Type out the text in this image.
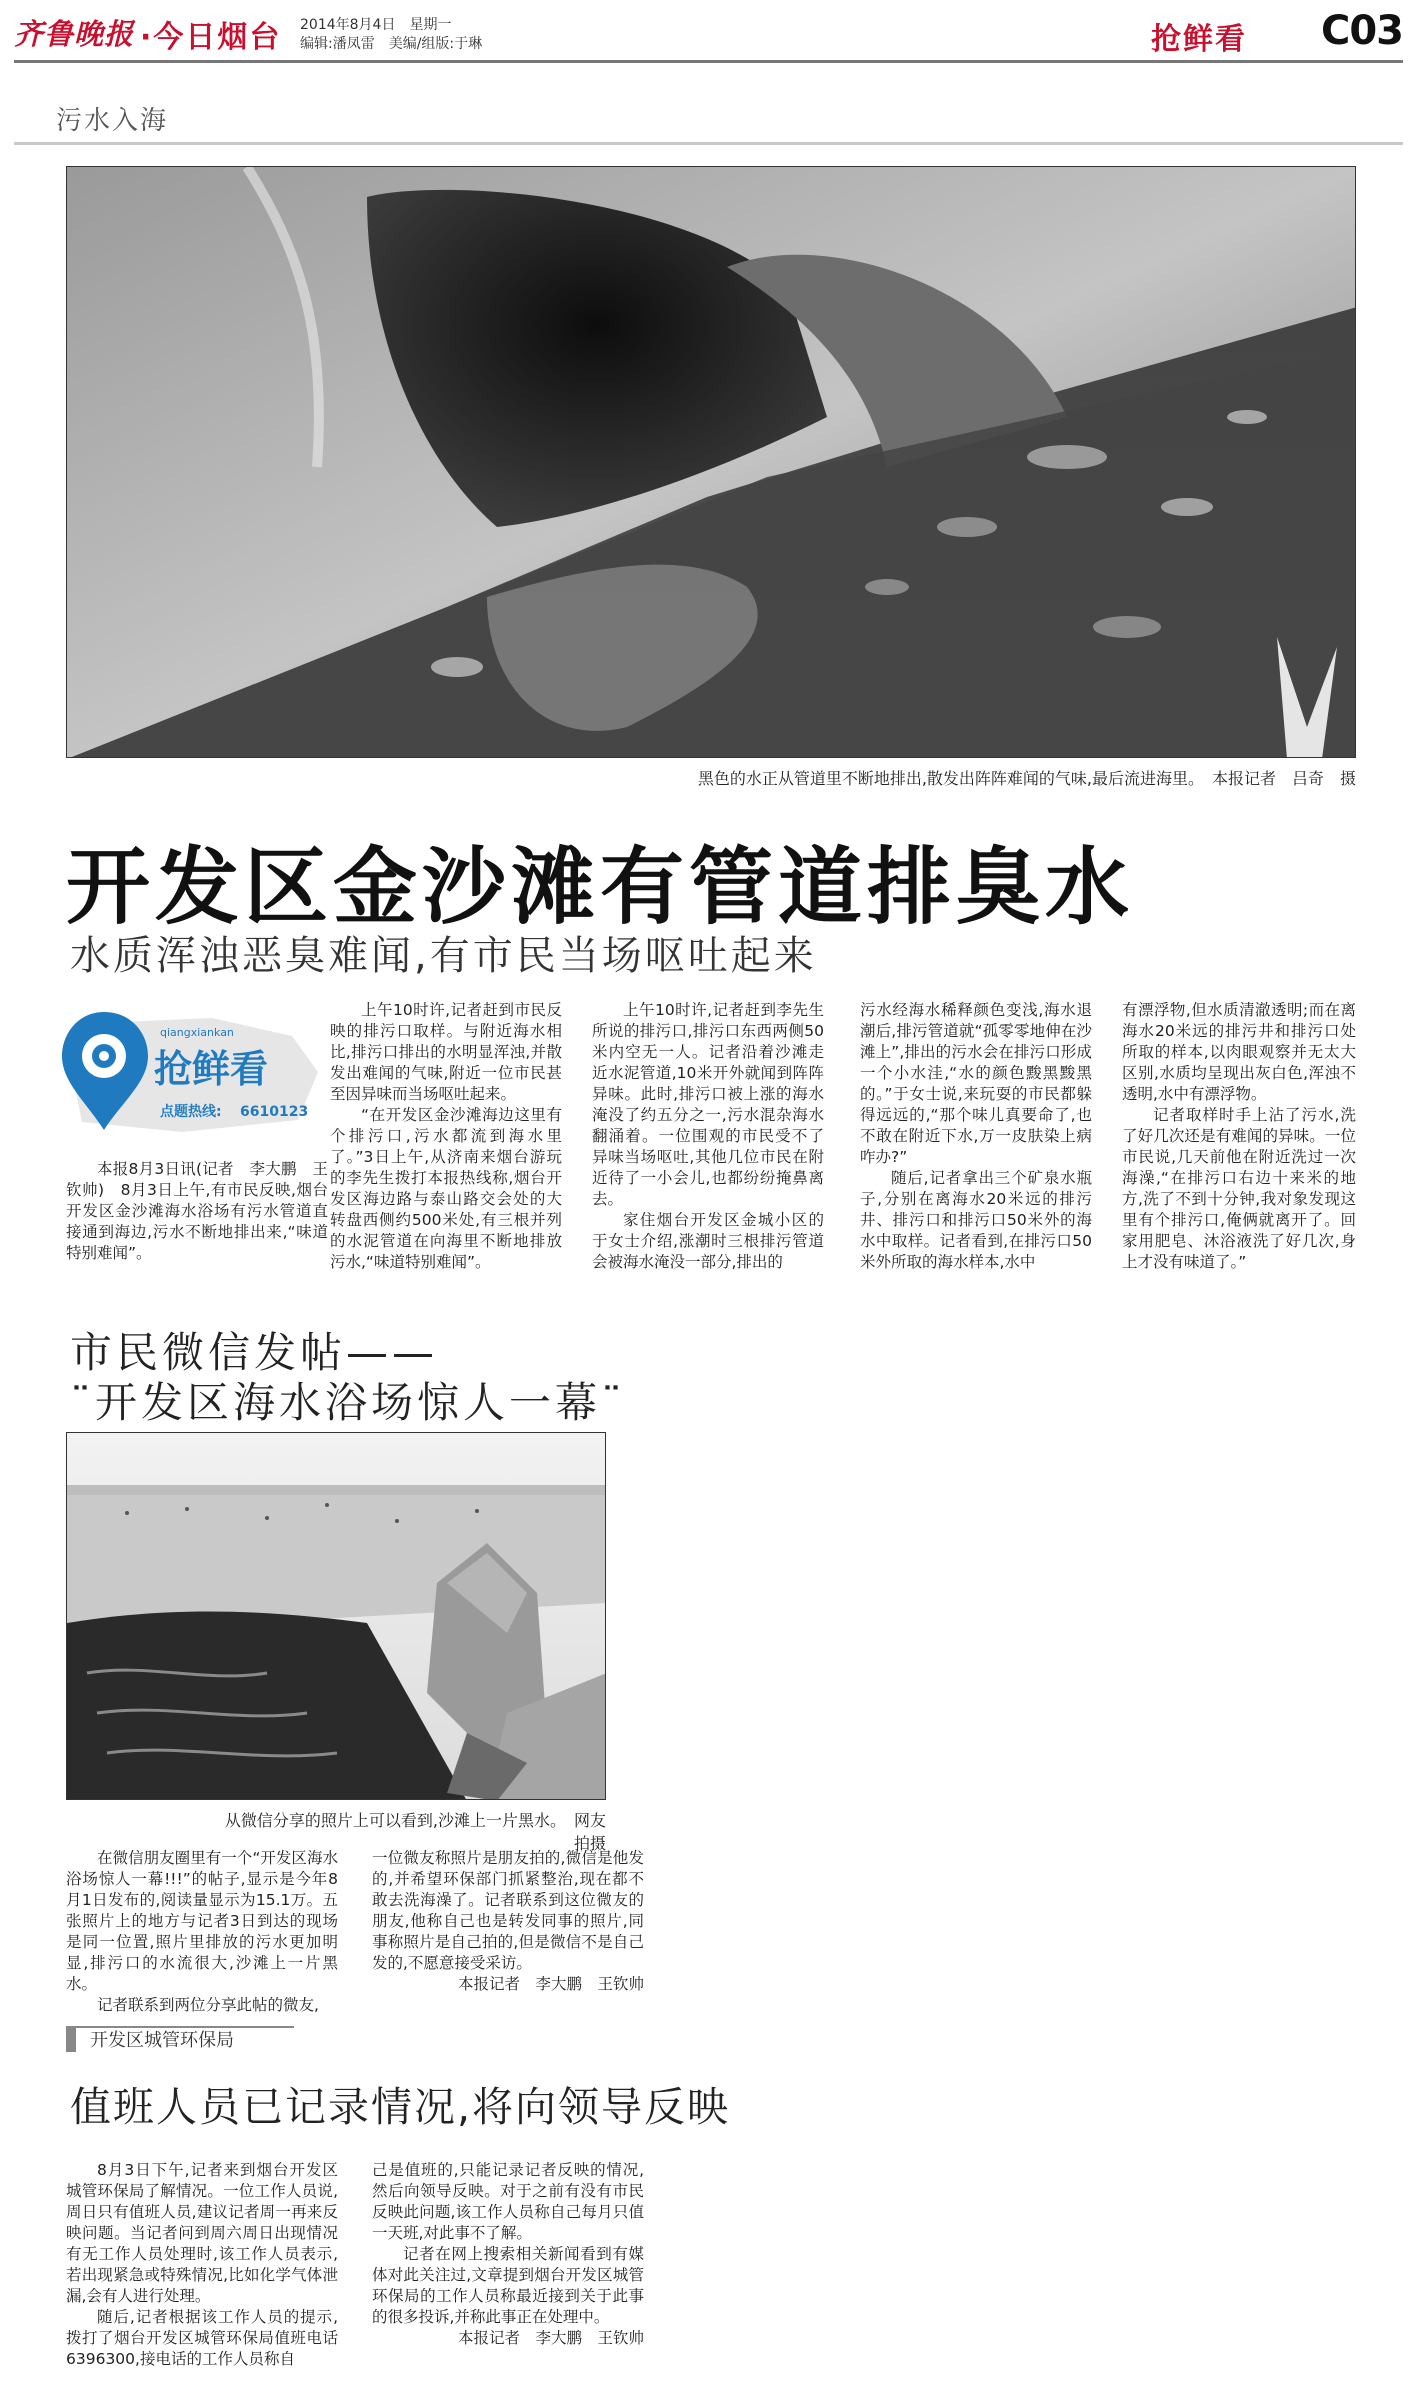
齐鲁晚报 ·今日烟台 2014年8月4日　星期一
编辑:潘凤雷　美编/组版:于琳	抢鲜看 C03
污水入海
黑色的水正从管道里不断地排出,散发出阵阵难闻的气味,最后流进海里。　本报记者　吕奇　摄
开发区金沙滩有管道排臭水
水质浑浊恶臭难闻,有市民当场呕吐起来
qiangxiankan
抢鲜看
点题热线: 6610123

本报8月3日讯(记者　李大鹏　王钦帅)　8月3日上午,有市民反映,烟台开发区金沙滩海水浴场有污水管道直接通到海边,污水不断地排出来,“味道特别难闻”。

上午10时许,记者赶到市民反映的排污口取样。与附近海水相比,排污口排出的水明显浑浊,并散发出难闻的气味,附近一位市民甚至因异味而当场呕吐起来。

“在开发区金沙滩海边这里有个排污口,污水都流到海水里了。”3日上午,从济南来烟台游玩的李先生拨打本报热线称,烟台开发区海边路与泰山路交会处的大转盘西侧约500米处,有三根并列的水泥管道在向海里不断地排放污水,“味道特别难闻”。

上午10时许,记者赶到李先生所说的排污口,排污口东西两侧50米内空无一人。记者沿着沙滩走近水泥管道,10米开外就闻到阵阵异味。此时,排污口被上涨的海水淹没了约五分之一,污水混杂海水翻涌着。一位围观的市民受不了异味当场呕吐,其他几位市民在附近待了一小会儿,也都纷纷掩鼻离去。

家住烟台开发区金城小区的于女士介绍,涨潮时三根排污管道会被海水淹没一部分,排出的

污水经海水稀释颜色变浅,海水退潮后,排污管道就“孤零零地伸在沙滩上”,排出的污水会在排污口形成一个小水洼,“水的颜色黢黑黢黑的。”于女士说,来玩耍的市民都躲得远远的,“那个味儿真要命了,也不敢在附近下水,万一皮肤染上病咋办?”

随后,记者拿出三个矿泉水瓶子,分别在离海水20米远的排污井、排污口和排污口50米外的海水中取样。记者看到,在排污口50米外所取的海水样本,水中

有漂浮物,但水质清澈透明;而在离海水20米远的排污井和排污口处所取的样本,以肉眼观察并无太大区别,水质均呈现出灰白色,浑浊不透明,水中有漂浮物。

记者取样时手上沾了污水,洗了好几次还是有难闻的异味。一位市民说,几天前他在附近洗过一次海澡,“在排污口右边十来米的地方,洗了不到十分钟,我对象发现这里有个排污口,俺俩就离开了。回家用肥皂、沐浴液洗了好几次,身上才没有味道了。”

市民微信发帖——
¨开发区海水浴场惊人一幕¨
从微信分享的照片上可以看到,沙滩上一片黑水。　网友拍摄

在微信朋友圈里有一个“开发区海水浴场惊人一幕!!!”的帖子,显示是今年8月1日发布的,阅读量显示为15.1万。五张照片上的地方与记者3日到达的现场是同一位置,照片里排放的污水更加明显,排污口的水流很大,沙滩上一片黑水。

记者联系到两位分享此帖的微友,

一位微友称照片是朋友拍的,微信是他发的,并希望环保部门抓紧整治,现在都不敢去洗海澡了。记者联系到这位微友的朋友,他称自己也是转发同事的照片,同事称照片是自己拍的,但是微信不是自己发的,不愿意接受采访。

本报记者　李大鹏　王钦帅

开发区城管环保局
值班人员已记录情况,将向领导反映

8月3日下午,记者来到烟台开发区城管环保局了解情况。一位工作人员说,周日只有值班人员,建议记者周一再来反映问题。当记者问到周六周日出现情况有无工作人员处理时,该工作人员表示,若出现紧急或特殊情况,比如化学气体泄漏,会有人进行处理。

随后,记者根据该工作人员的提示,拨打了烟台开发区城管环保局值班电话6396300,接电话的工作人员称自

己是值班的,只能记录记者反映的情况,然后向领导反映。对于之前有没有市民反映此问题,该工作人员称自己每月只值一天班,对此事不了解。

记者在网上搜索相关新闻看到有媒体对此关注过,文章提到烟台开发区城管环保局的工作人员称最近接到关于此事的很多投诉,并称此事正在处理中。

本报记者　李大鹏　王钦帅
